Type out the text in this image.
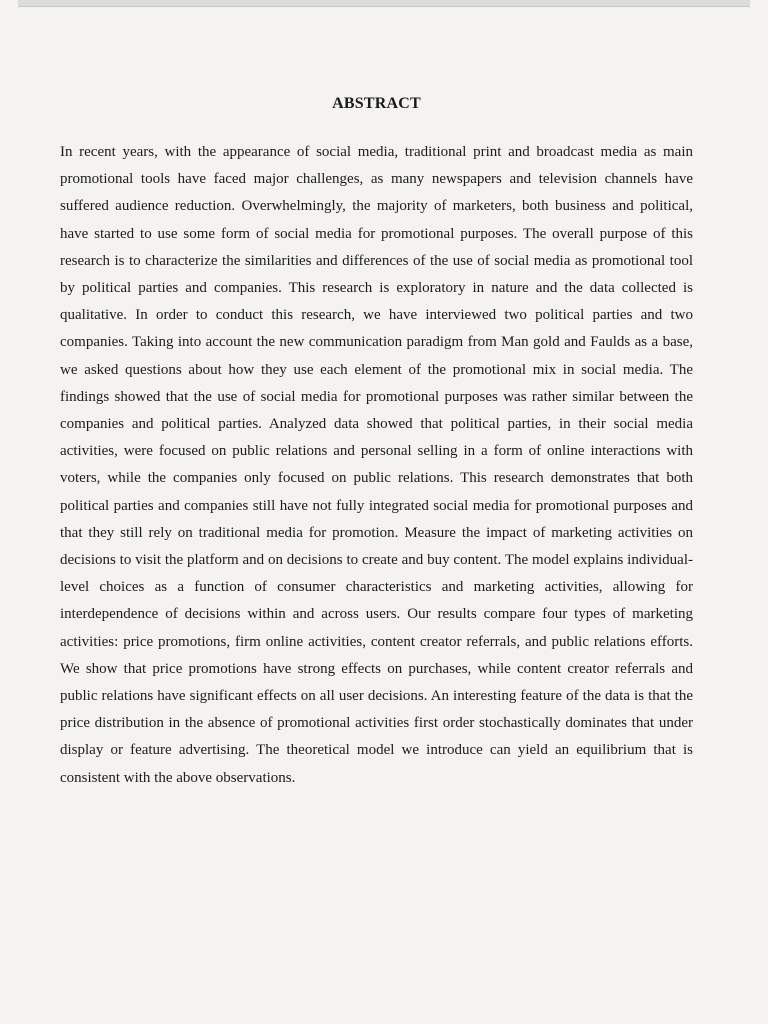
ABSTRACT

In recent years, with the appearance of social media, traditional print and broadcast media as main promotional tools have faced major challenges, as many newspapers and television channels have suffered audience reduction. Overwhelmingly, the majority of marketers, both business and political, have started to use some form of social media for promotional purposes. The overall purpose of this research is to characterize the similarities and differences of the use of social media as promotional tool by political parties and companies. This research is exploratory in nature and the data collected is qualitative. In order to conduct this research, we have interviewed two political parties and two companies. Taking into account the new communication paradigm from Man gold and Faulds as a base, we asked questions about how they use each element of the promotional mix in social media. The findings showed that the use of social media for promotional purposes was rather similar between the companies and political parties. Analyzed data showed that political parties, in their social media activities, were focused on public relations and personal selling in a form of online interactions with voters, while the companies only focused on public relations. This research demonstrates that both political parties and companies still have not fully integrated social media for promotional purposes and that they still rely on traditional media for promotion. Measure the impact of marketing activities on decisions to visit the platform and on decisions to create and buy content. The model explains individual-level choices as a function of consumer characteristics and marketing activities, allowing for interdependence of decisions within and across users. Our results compare four types of marketing activities: price promotions, firm online activities, content creator referrals, and public relations efforts. We show that price promotions have strong effects on purchases, while content creator referrals and public relations have significant effects on all user decisions. An interesting feature of the data is that the price distribution in the absence of promotional activities first order stochastically dominates that under display or feature advertising. The theoretical model we introduce can yield an equilibrium that is consistent with the above observations.
